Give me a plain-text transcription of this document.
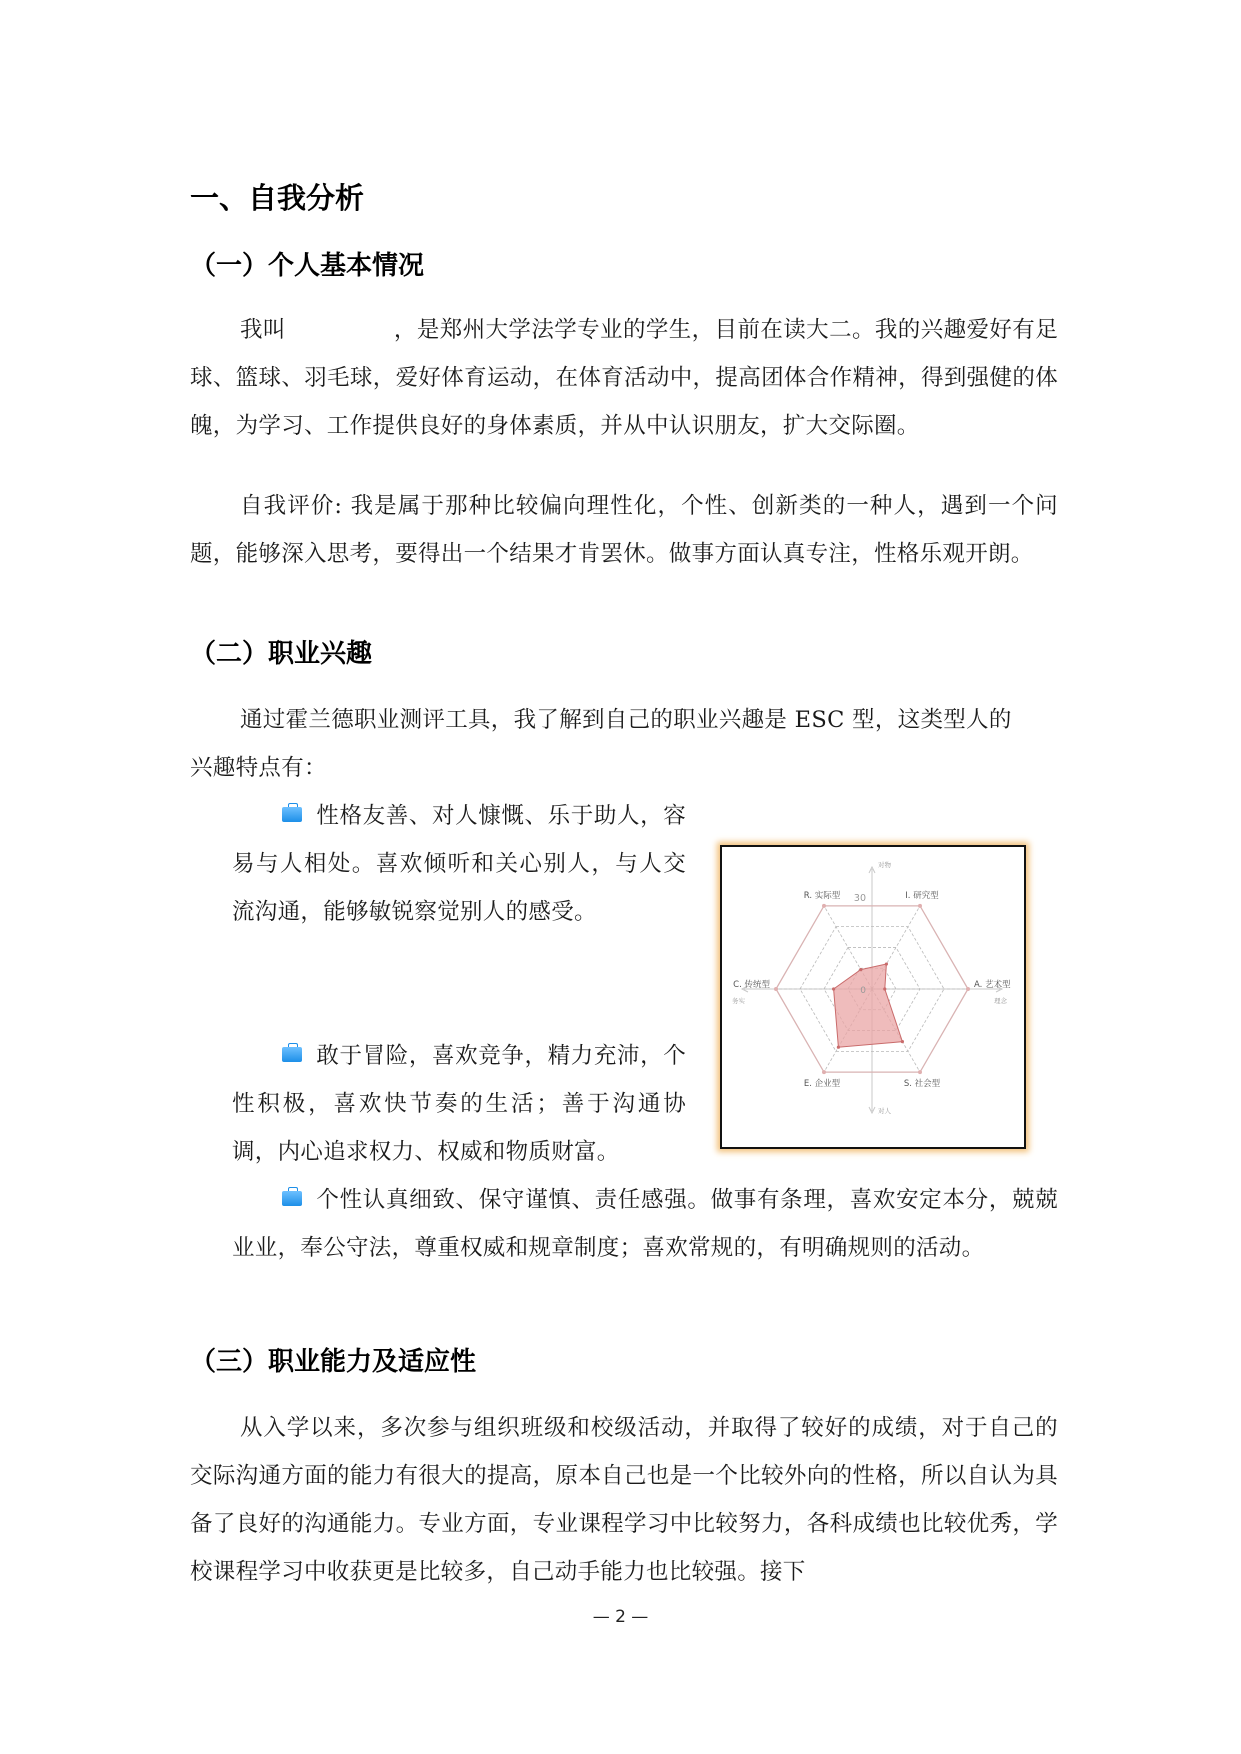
一、自我分析
（一）个人基本情况

我叫	，是郑州大学法学专业的学生，目前在读大二。我的兴趣爱好有足球、篮球、羽毛球，爱好体育运动，在体育活动中，提高团体合作精神，得到强健的体魄，为学习、工作提供良好的身体素质，并从中认识朋友，扩大交际圈。

自我评价: 我是属于那种比较偏向理性化，个性、创新类的一种人，遇到一个问题，能够深入思考，要得出一个结果才肯罢休。做事方面认真专注，性格乐观开朗。

（二）职业兴趣

通过霍兰德职业测评工具，我了解到自己的职业兴趣是 ESC 型，这类型人的

兴趣特点有：

性格友善、对人慷慨、乐于助人，容易与人相处。喜欢倾听和关心别人，与人交流沟通，能够敏锐察觉别人的感受。

敢于冒险，喜欢竞争，精力充沛，个性积极，喜欢快节奏的生活；善于沟通协调，内心追求权力、权威和物质财富。

个性认真细致、保守谨慎、责任感强。做事有条理，喜欢安定本分，兢兢业业，奉公守法，尊重权威和规章制度；喜欢常规的，有明确规则的活动。

R. 实际型	I. 研究型
A. 艺术型
S. 社会型
E. 企业型
C. 传统型
0
30
对物
对人
务实	理念
（三）职业能力及适应性

从入学以来，多次参与组织班级和校级活动，并取得了较好的成绩，对于自己的交际沟通方面的能力有很大的提高，原本自己也是一个比较外向的性格，所以自认为具备了良好的沟通能力。专业方面，专业课程学习中比较努力，各科成绩也比较优秀，学校课程学习中收获更是比较多，自己动手能力也比较强。接下

— 2 —
